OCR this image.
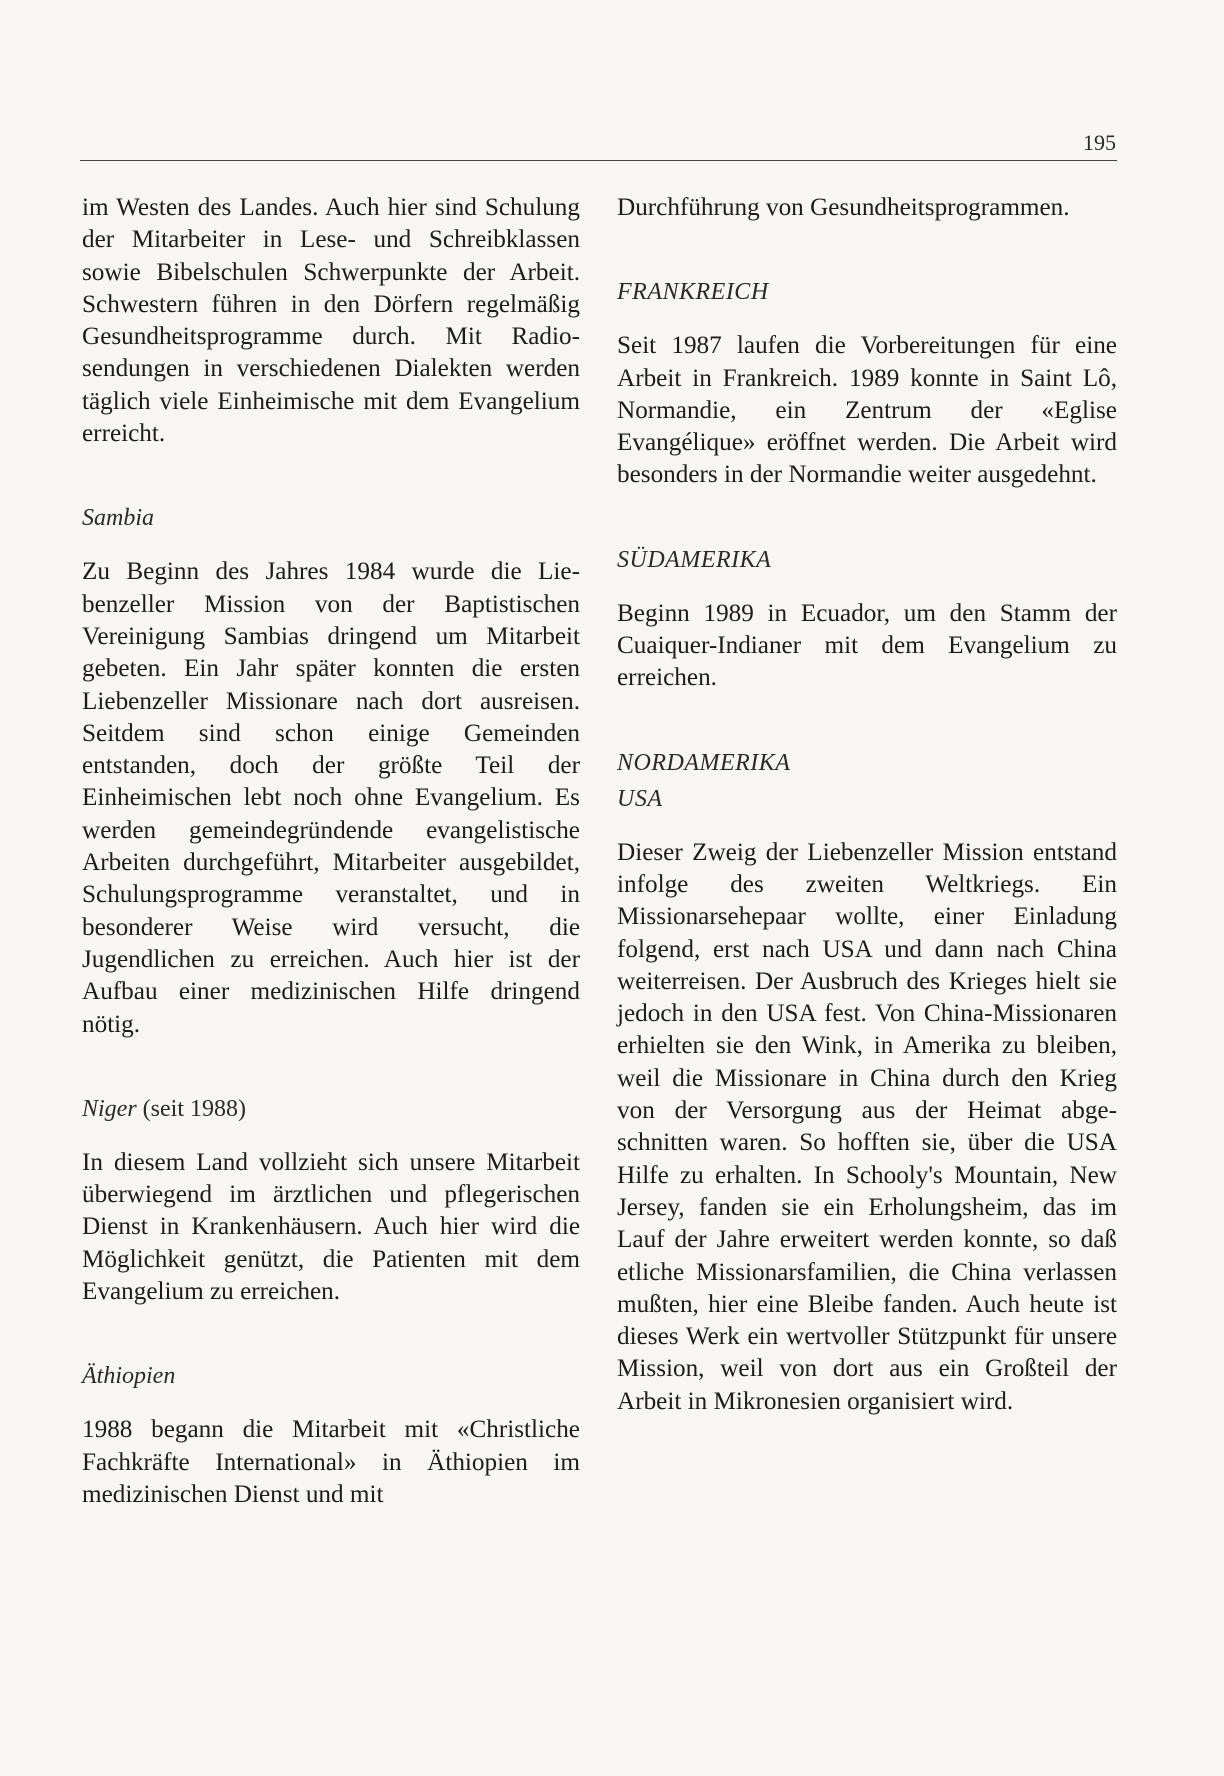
195

im Westen des Landes. Auch hier sind Schulung der Mitarbeiter in Lese- und Schreibklassen sowie Bibelschulen Schwerpunkte der Arbeit. Schwestern führen in den Dörfern regelmäßig Gesundheitsprogramme durch. Mit Radiosendungen in verschiedenen Dialekten werden täglich viele Einheimische mit dem Evangelium erreicht.

Sambia

Zu Beginn des Jahres 1984 wurde die Liebenzeller Mission von der Baptistischen Vereinigung Sambias dringend um Mitarbeit gebeten. Ein Jahr später konnten die ersten Liebenzeller Missionare nach dort ausreisen. Seitdem sind schon einige Gemeinden entstanden, doch der größte Teil der Einheimischen lebt noch ohne Evangelium. Es werden gemeindegründende evangelistische Arbeiten durchgeführt, Mitarbeiter ausgebildet, Schulungsprogramme veranstaltet, und in besonderer Weise wird versucht, die Jugendlichen zu erreichen. Auch hier ist der Aufbau einer medizinischen Hilfe dringend nötig.

Niger (seit 1988)

In diesem Land vollzieht sich unsere Mitarbeit überwiegend im ärztlichen und pflegerischen Dienst in Krankenhäusern. Auch hier wird die Möglichkeit genützt, die Patienten mit dem Evangelium zu erreichen.

Äthiopien

1988 begann die Mitarbeit mit «Christliche Fachkräfte International» in Äthiopien im medizinischen Dienst und mit

Durchführung von Gesundheitsprogrammen.

FRANKREICH

Seit 1987 laufen die Vorbereitungen für eine Arbeit in Frankreich. 1989 konnte in Saint Lô, Normandie, ein Zentrum der «Eglise Evangélique» eröffnet werden. Die Arbeit wird besonders in der Normandie weiter ausgedehnt.

SÜDAMERIKA

Beginn 1989 in Ecuador, um den Stamm der Cuaiquer-Indianer mit dem Evangelium zu erreichen.

NORDAMERIKA
USA

Dieser Zweig der Liebenzeller Mission entstand infolge des zweiten Weltkriegs. Ein Missionarsehepaar wollte, einer Einladung folgend, erst nach USA und dann nach China weiterreisen. Der Ausbruch des Krieges hielt sie jedoch in den USA fest. Von China-Missionaren erhielten sie den Wink, in Amerika zu bleiben, weil die Missionare in China durch den Krieg von der Versorgung aus der Heimat abgeschnitten waren. So hofften sie, über die USA Hilfe zu erhalten. In Schooly's Mountain, New Jersey, fanden sie ein Erholungsheim, das im Lauf der Jahre erweitert werden konnte, so daß etliche Missionarsfamilien, die China verlassen mußten, hier eine Bleibe fanden. Auch heute ist dieses Werk ein wertvoller Stützpunkt für unsere Mission, weil von dort aus ein Großteil der Arbeit in Mikronesien organisiert wird.
